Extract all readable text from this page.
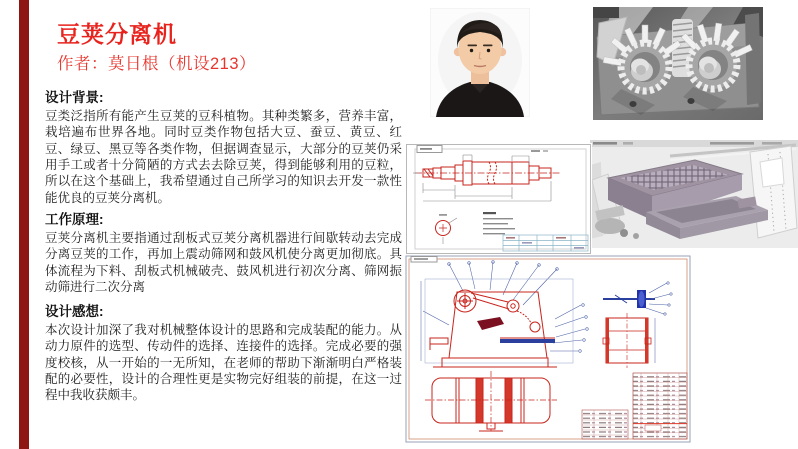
豆荚分离机
作者：莫日根（机设213）
设计背景:

豆类泛指所有能产生豆荚的豆科植物。其种类繁多，营养丰富，栽培遍布世界各地。同时豆类作物包括大豆、蚕豆、黄豆、红豆、绿豆、黑豆等各类作物，但据调查显示，大部分的豆荚仍采用手工或者十分简陋的方式去去除豆荚，得到能够利用的豆粒，所以在这个基础上，我希望通过自己所学习的知识去开发一款性能优良的豆荚分离机。

工作原理:

豆荚分离机主要指通过刮板式豆荚分离机器进行间歇转动去完成分离豆荚的工作，再加上震动筛网和鼓风机使分离更加彻底。具体流程为下料、刮板式机械破壳、鼓风机进行初次分离、筛网振动筛进行二次分离

设计感想:

本次设计加深了我对机械整体设计的思路和完成装配的能力。从动力原件的选型、传动件的选择、连接件的选择。完成必要的强度校核，从一开始的一无所知，在老师的帮助下渐渐明白严格装配的必要性，设计的合理性更是实物完好组装的前提，在这一过程中我收获颇丰。
